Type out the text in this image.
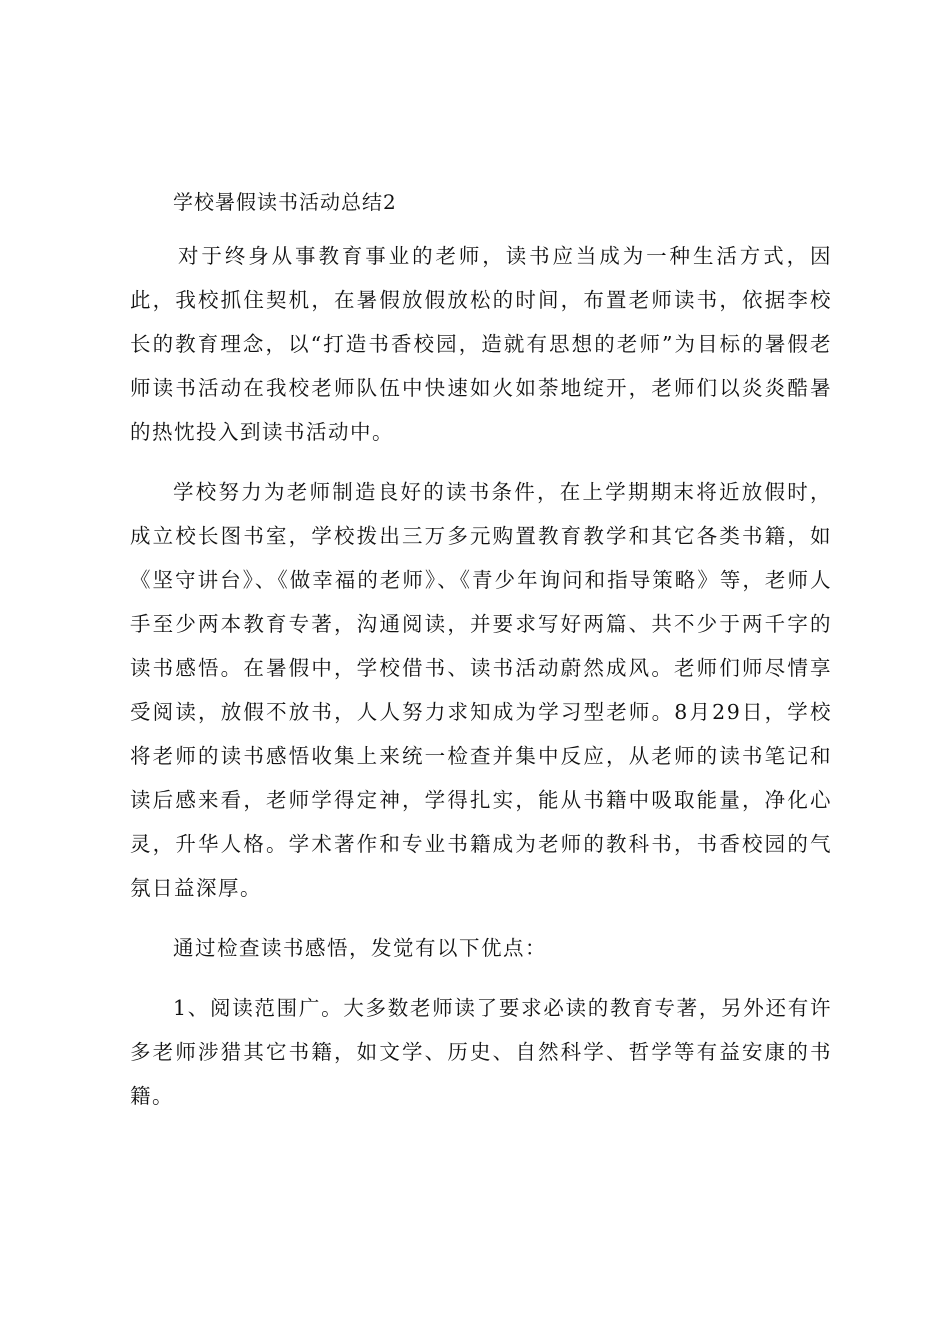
学校暑假读书活动总结2

对于终身从事教育事业的老师，读书应当成为一种生活方式，因此，我校抓住契机，在暑假放假放松的时间，布置老师读书，依据李校长的教育理念，以“打造书香校园，造就有思想的老师”为目标的暑假老师读书活动在我校老师队伍中快速如火如荼地绽开，老师们以炎炎酷暑的热忱投入到读书活动中。

学校努力为老师制造良好的读书条件，在上学期期末将近放假时，成立校长图书室，学校拨出三万多元购置教育教学和其它各类书籍，如《坚守讲台》、《做幸福的老师》、《青少年询问和指导策略》等，老师人手至少两本教育专著，沟通阅读，并要求写好两篇、共不少于两千字的读书感悟。在暑假中，学校借书、读书活动蔚然成风。老师们师尽情享受阅读，放假不放书，人人努力求知成为学习型老师。8月29日，学校将老师的读书感悟收集上来统一检查并集中反应，从老师的读书笔记和读后感来看，老师学得定神，学得扎实，能从书籍中吸取能量，净化心灵，升华人格。学术著作和专业书籍成为老师的教科书，书香校园的气氛日益深厚。

通过检查读书感悟，发觉有以下优点：

1、阅读范围广。大多数老师读了要求必读的教育专著，另外还有许多老师涉猎其它书籍，如文学、历史、自然科学、哲学等有益安康的书籍。
